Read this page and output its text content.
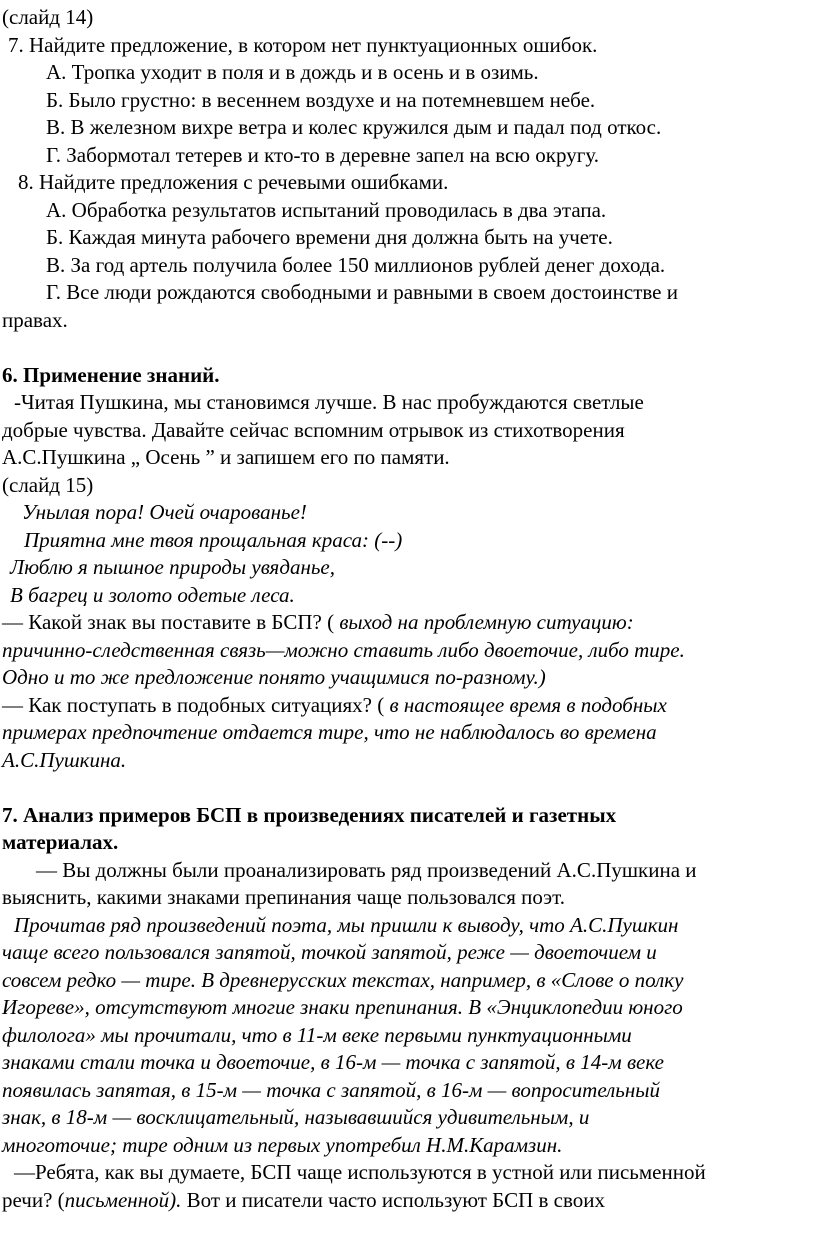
(слайд 14)
7. Найдите предложение, в котором нет пунктуационных ошибок.
А. Тропка уходит в поля и в дождь и в осень и в озимь.
Б. Было грустно: в весеннем воздухе и на потемневшем небе.
В. В железном вихре ветра и колес кружился дым и падал под откос.
Г. Забормотал тетерев и кто-то в деревне запел на всю округу.
8. Найдите предложения с речевыми ошибками.
А. Обработка результатов испытаний проводилась в два этапа.
Б. Каждая минута рабочего времени дня должна быть на учете.
В. За год артель получила более 150 миллионов рублей денег дохода.
Г. Все люди рождаются свободными и равными в своем достоинстве и
правах.
6. Применение знаний.
-Читая Пушкина, мы становимся лучше. В нас пробуждаются светлые
добрые чувства. Давайте сейчас вспомним отрывок из стихотворения
А.С.Пушкина „ Осень ” и запишем его по памяти.
(слайд 15)
Унылая пора! Очей очарованье!
Приятна мне твоя прощальная краса: (--)
Люблю я пышное природы увяданье,
В багрец и золото одетые леса.
— Какой знак вы поставите в БСП? ( выход на проблемную ситуацию:
причинно-следственная связь—можно ставить либо двоеточие, либо тире.
Одно и то же предложение понято учащимися по-разному.)
— Как поступать в подобных ситуациях? ( в настоящее время в подобных
примерах предпочтение отдается тире, что не наблюдалось во времена
А.С.Пушкина.
7. Анализ примеров БСП в произведениях писателей и газетных
материалах.
— Вы должны были проанализировать ряд произведений А.С.Пушкина и
выяснить, какими знаками препинания чаще пользовался поэт.
Прочитав ряд произведений поэта, мы пришли к выводу, что А.С.Пушкин
чаще всего пользовался запятой, точкой запятой, реже — двоеточием и
совсем редко — тире. В древнерусских текстах, например, в «Слове о полку
Игореве», отсутствуют многие знаки препинания. В «Энциклопедии юного
филолога» мы прочитали, что в 11-м веке первыми пунктуационными
знаками стали точка и двоеточие, в 16-м — точка с запятой, в 14-м веке
появилась запятая, в 15-м — точка с запятой, в 16-м — вопросительный
знак, в 18-м — восклицательный, называвшийся удивительным, и
многоточие; тире одним из первых употребил Н.М.Карамзин.
—Ребята, как вы думаете, БСП чаще используются в устной или письменной
речи? (письменной). Вот и писатели часто используют БСП в своих
